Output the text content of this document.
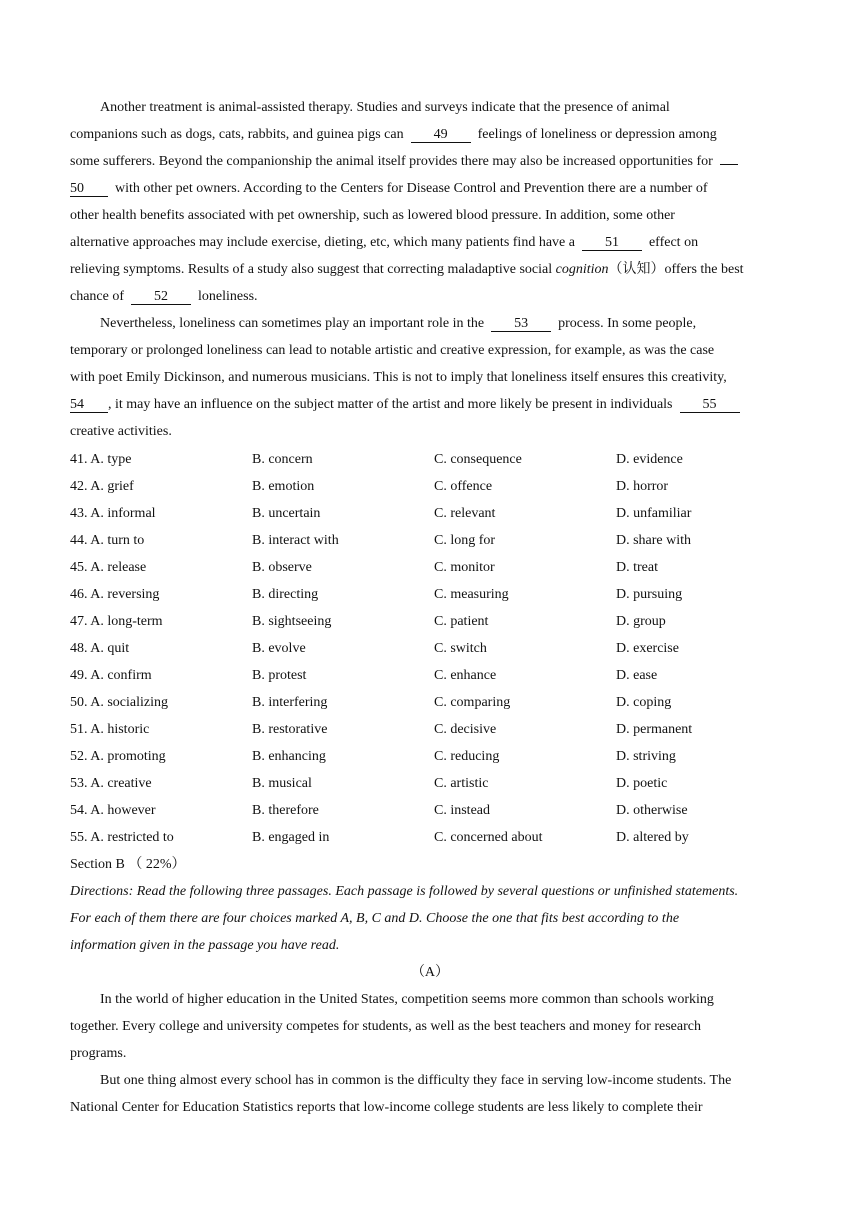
Another treatment is animal-assisted therapy. Studies and surveys indicate that the presence of animal
companions such as dogs, cats, rabbits, and guinea pigs can 49 feelings of loneliness or depression among
some sufferers. Beyond the companionship the animal itself provides there may also be increased opportunities for
50 with other pet owners. According to the Centers for Disease Control and Prevention there are a number of
other health benefits associated with pet ownership, such as lowered blood pressure. In addition, some other
alternative approaches may include exercise, dieting, etc, which many patients find have a 51 effect on
relieving symptoms. Results of a study also suggest that correcting maladaptive social cognition（认知）offers the best
chance of 52 loneliness.
Nevertheless, loneliness can sometimes play an important role in the 53 process. In some people,
temporary or prolonged loneliness can lead to notable artistic and creative expression, for example, as was the case
with poet Emily Dickinson, and numerous musicians. This is not to imply that loneliness itself ensures this creativity,
54 , it may have an influence on the subject matter of the artist and more likely be present in individuals 55
creative activities.
41. A. type	B. concern	C. consequence	D. evidence
42. A. grief	B. emotion	C. offence	D. horror
43. A. informal	B. uncertain	C. relevant	D. unfamiliar
44. A. turn to	B. interact with	C. long for	D. share with
45. A. release	B. observe	C. monitor	D. treat
46. A. reversing	B. directing	C. measuring	D. pursuing
47. A. long-term	B. sightseeing	C. patient	D. group
48. A. quit	B. evolve	C. switch	D. exercise
49. A. confirm	B. protest	C. enhance	D. ease
50. A. socializing	B. interfering	C. comparing	D. coping
51. A. historic	B. restorative	C. decisive	D. permanent
52. A. promoting	B. enhancing	C. reducing	D. striving
53. A. creative	B. musical	C. artistic	D. poetic
54. A. however	B. therefore	C. instead	D. otherwise
55. A. restricted to	B. engaged in	C. concerned about	D. altered by
Section B （ 22%）
Directions: Read the following three passages. Each passage is followed by several questions or unfinished statements.
For each of them there are four choices marked A, B, C and D. Choose the one that fits best according to the
information given in the passage you have read.
（A）
In the world of higher education in the United States, competition seems more common than schools working
together. Every college and university competes for students, as well as the best teachers and money for research
programs.
But one thing almost every school has in common is the difficulty they face in serving low-income students. The
National Center for Education Statistics reports that low-income college students are less likely to complete their
